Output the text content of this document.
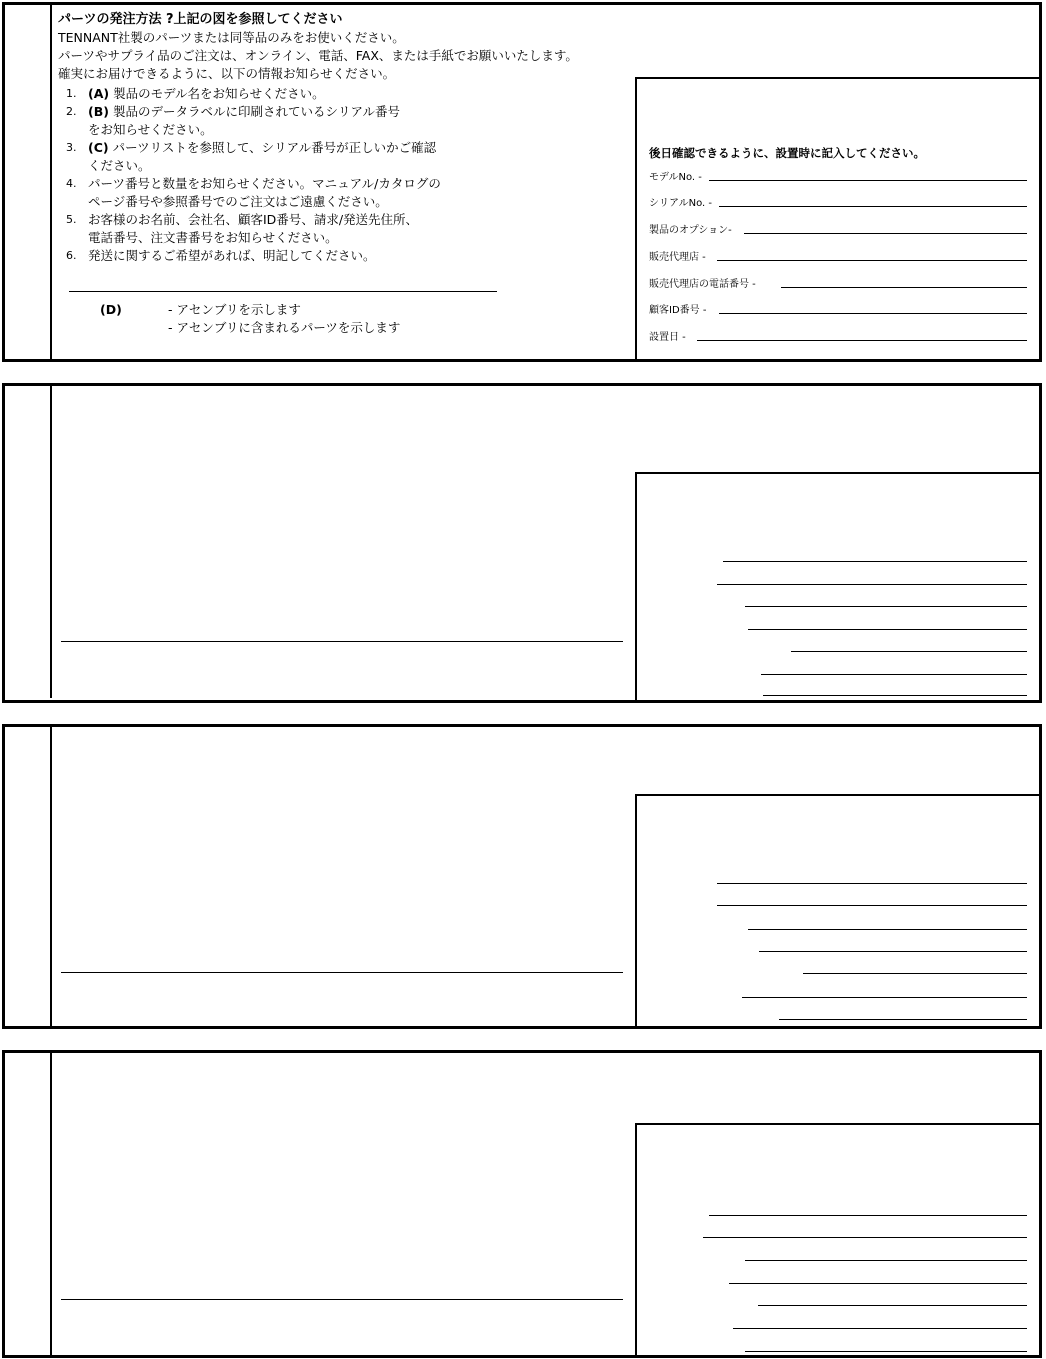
パーツの発注方法 ?上記の図を参照してください
TENNANT社製のパーツまたは同等品のみをお使いください。
パーツやサプライ品のご注文は、オンライン、電話、FAX、または手紙でお願いいたします。
確実にお届けできるように、以下の情報お知らせください。
1. (A) 製品のモデル名をお知らせください。
2. (B) 製品のデータラベルに印刷されているシリアル番号
をお知らせください。
3. (C) パーツリストを参照して、シリアル番号が正しいかご確認
ください。
4. パーツ番号と数量をお知らせください。マニュアル/カタログの
ページ番号や参照番号でのご注文はご遠慮ください。
5. お客様のお名前、会社名、顧客ID番号、請求/発送先住所、
電話番号、注文書番号をお知らせください。
6. 発送に関するご希望があれば、明記してください。
(D)	- アセンブリを示します
- アセンブリに含まれるパーツを示します
後日確認できるように、設置時に記入してください。
モデルNo. -
シリアルNo. -
製品のオプション-
販売代理店 -
販売代理店の電話番号 -
顧客ID番号 -
設置日 -
